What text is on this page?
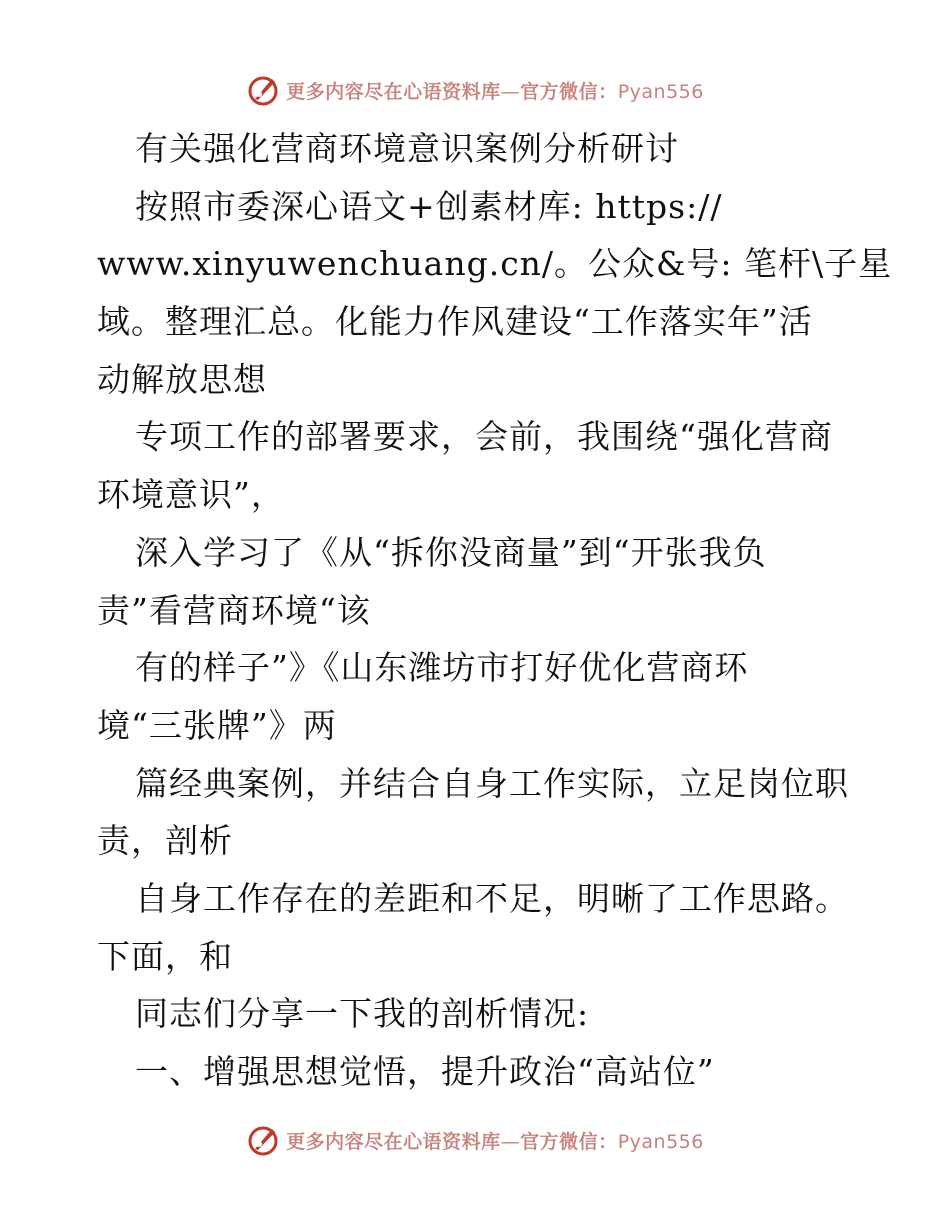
更多内容尽在心语资料库—官方微信：Pyan556
有关强化营商环境意识案例分析研讨
按照市委深心语文+创素材库: https://
www.xinyuwenchuang.cn/。公众&号: 笔杆\子星
域。整理汇总。化能力作风建设“工作落实年”活
动解放思想
专项工作的部署要求，会前，我围绕“强化营商
环境意识”，
深入学习了《从“拆你没商量”到“开张我负
责”看营商环境“该
有的样子”》《山东潍坊市打好优化营商环
境“三张牌”》两
篇经典案例，并结合自身工作实际，立足岗位职
责，剖析
自身工作存在的差距和不足，明晰了工作思路。
下面，和
同志们分享一下我的剖析情况:
一、增强思想觉悟，提升政治“高站位”
更多内容尽在心语资料库—官方微信：Pyan556
